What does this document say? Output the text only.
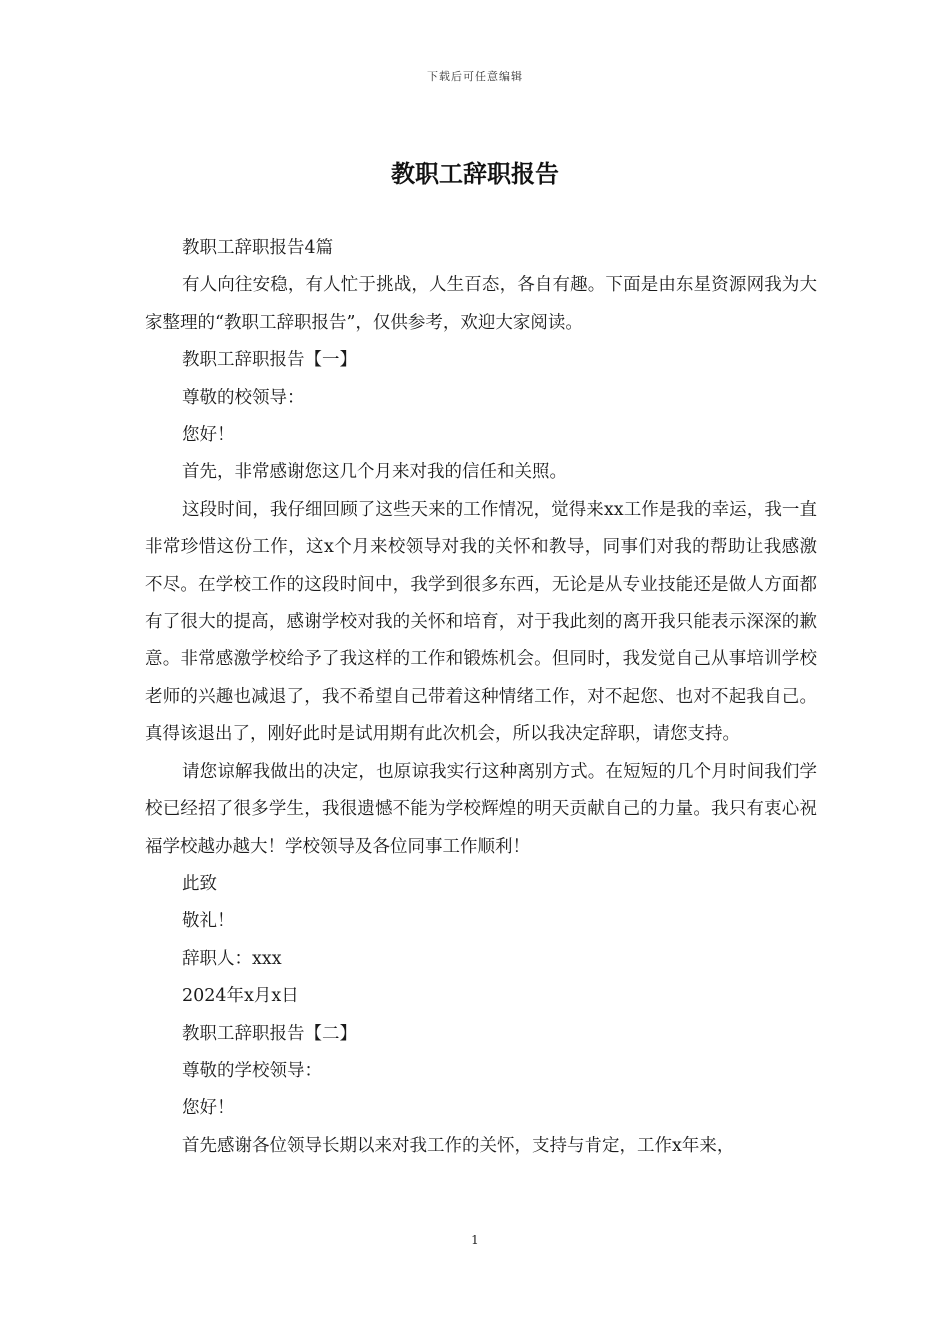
下载后可任意编辑
教职工辞职报告

教职工辞职报告4篇

有人向往安稳，有人忙于挑战，人生百态，各自有趣。下面是由东星资源网我为大家整理的“教职工辞职报告”，仅供参考，欢迎大家阅读。

教职工辞职报告【一】

尊敬的校领导：

您好！

首先，非常感谢您这几个月来对我的信任和关照。

这段时间，我仔细回顾了这些天来的工作情况，觉得来xx工作是我的幸运，我一直非常珍惜这份工作，这x个月来校领导对我的关怀和教导，同事们对我的帮助让我感激不尽。在学校工作的这段时间中，我学到很多东西，无论是从专业技能还是做人方面都有了很大的提高，感谢学校对我的关怀和培育，对于我此刻的离开我只能表示深深的歉意。非常感激学校给予了我这样的工作和锻炼机会。但同时，我发觉自己从事培训学校老师的兴趣也减退了，我不希望自己带着这种情绪工作，对不起您、也对不起我自己。真得该退出了，刚好此时是试用期有此次机会，所以我决定辞职，请您支持。

请您谅解我做出的决定，也原谅我实行这种离别方式。在短短的几个月时间我们学校已经招了很多学生，我很遗憾不能为学校辉煌的明天贡献自己的力量。我只有衷心祝福学校越办越大！学校领导及各位同事工作顺利！

此致

敬礼！

辞职人：xxx

2024年x月x日

教职工辞职报告【二】

尊敬的学校领导：

您好！

首先感谢各位领导长期以来对我工作的关怀，支持与肯定，工作x年来，

1
